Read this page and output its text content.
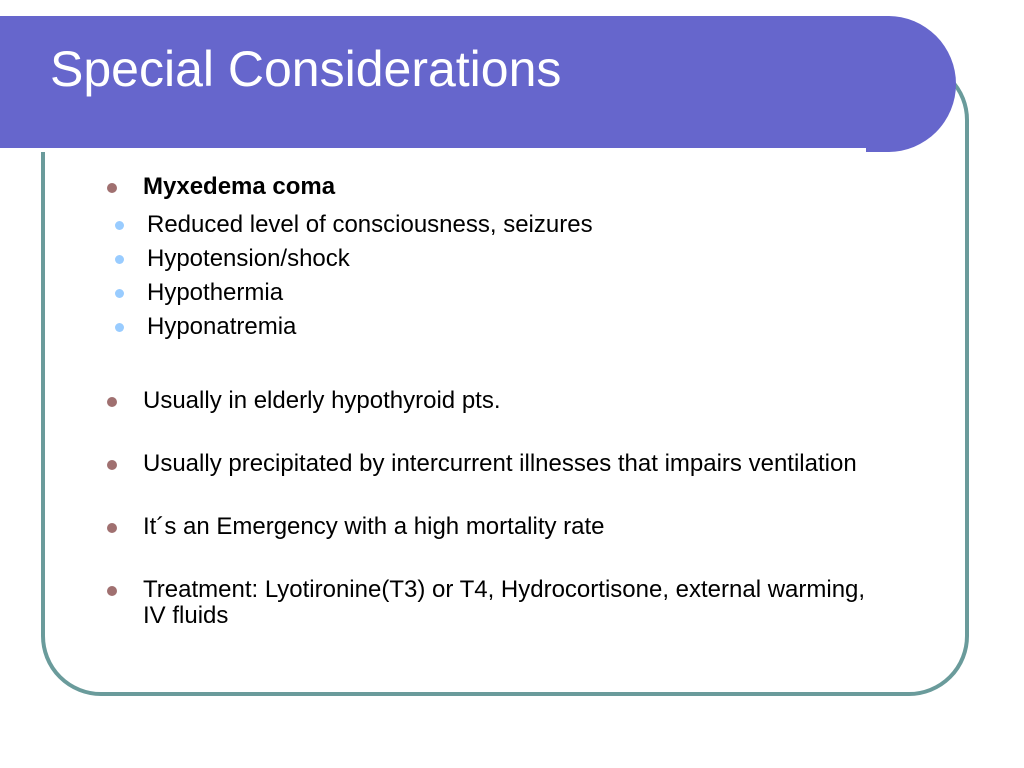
Special Considerations
Myxedema coma
Reduced level of consciousness, seizures
Hypotension/shock
Hypothermia
Hyponatremia
Usually in elderly hypothyroid pts.
Usually precipitated by intercurrent illnesses that impairs ventilation
It´s an Emergency with a high mortality rate
Treatment: Lyotironine(T3) or T4, Hydrocortisone, external warming, IV fluids
